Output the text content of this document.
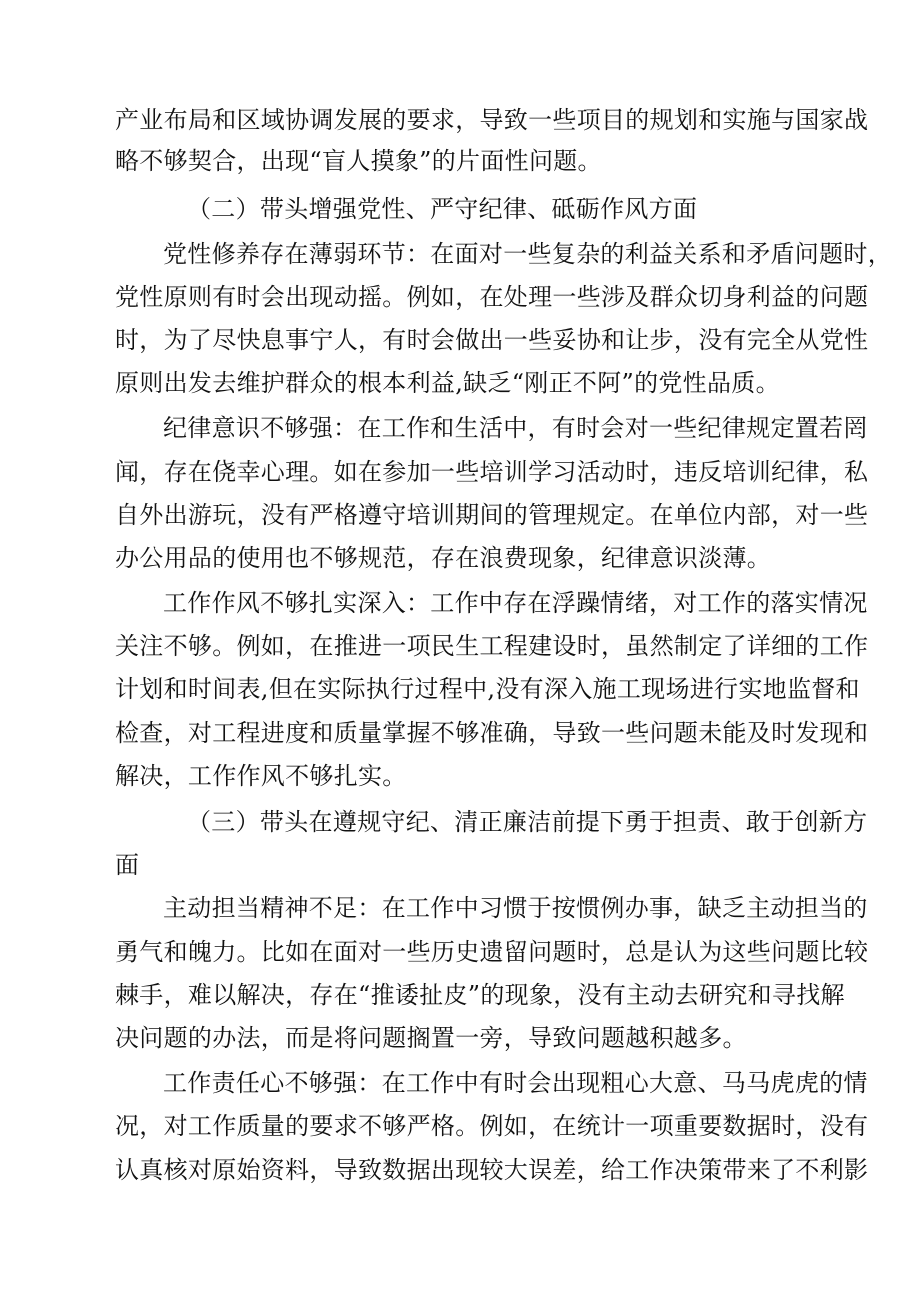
产业布局和区域协调发展的要求，导致一些项目的规划和实施与国家战
略不够契合，出现“盲人摸象”的片面性问题。
（二）带头增强党性、严守纪律、砥砺作风方面
党性修养存在薄弱环节：在面对一些复杂的利益关系和矛盾问题时，
党性原则有时会出现动摇。例如，在处理一些涉及群众切身利益的问题
时，为了尽快息事宁人，有时会做出一些妥协和让步，没有完全从党性
原则出发去维护群众的根本利益,缺乏“刚正不阿”的党性品质。
纪律意识不够强：在工作和生活中，有时会对一些纪律规定置若罔
闻，存在侥幸心理。如在参加一些培训学习活动时，违反培训纪律，私
自外出游玩，没有严格遵守培训期间的管理规定。在单位内部，对一些
办公用品的使用也不够规范，存在浪费现象，纪律意识淡薄。
工作作风不够扎实深入：工作中存在浮躁情绪，对工作的落实情况
关注不够。例如，在推进一项民生工程建设时，虽然制定了详细的工作
计划和时间表,但在实际执行过程中,没有深入施工现场进行实地监督和
检查，对工程进度和质量掌握不够准确，导致一些问题未能及时发现和
解决，工作作风不够扎实。
（三）带头在遵规守纪、清正廉洁前提下勇于担责、敢于创新方
面
主动担当精神不足：在工作中习惯于按惯例办事，缺乏主动担当的
勇气和魄力。比如在面对一些历史遗留问题时，总是认为这些问题比较
棘手，难以解决，存在“推诿扯皮”的现象，没有主动去研究和寻找解
决问题的办法，而是将问题搁置一旁，导致问题越积越多。
工作责任心不够强：在工作中有时会出现粗心大意、马马虎虎的情
况，对工作质量的要求不够严格。例如，在统计一项重要数据时，没有
认真核对原始资料，导致数据出现较大误差，给工作决策带来了不利影
